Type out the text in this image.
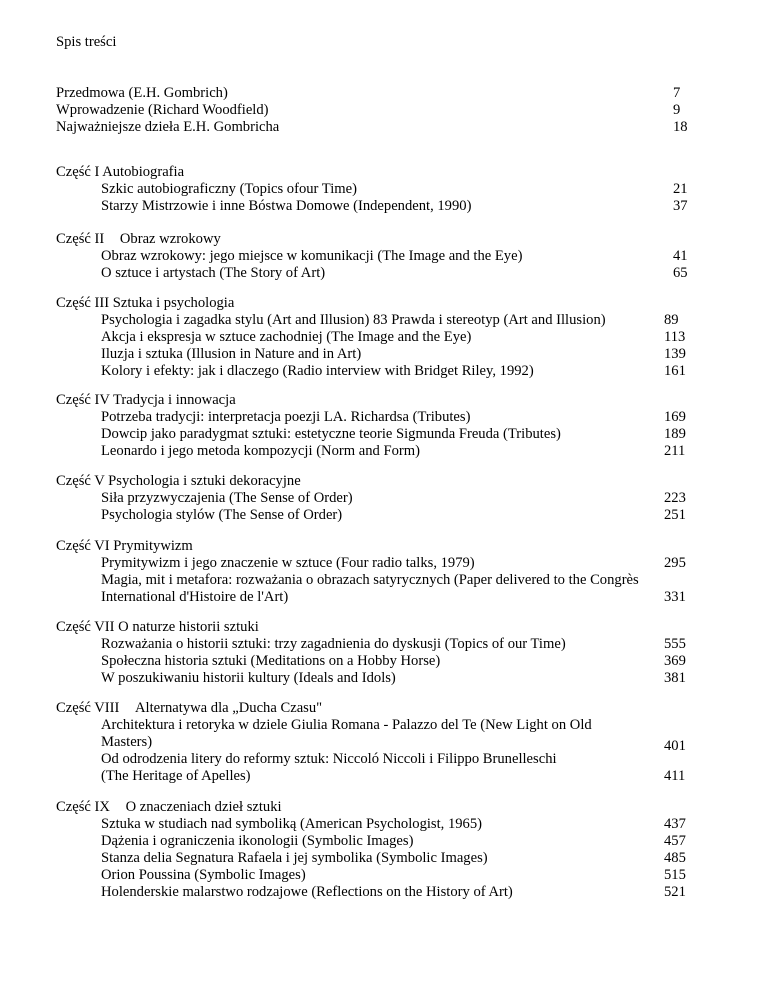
Spis treści
Przedmowa (E.H. Gombrich)	7
Wprowadzenie (Richard Woodfield)	9
Najważniejsze dzieła E.H. Gombricha	18
Część I Autobiografia
Szkic autobiograficzny (Topics ofour Time)	21
Starzy Mistrzowie i inne Bóstwa Domowe (Independent, 1990)	37
Część II Obraz wzrokowy
Obraz wzrokowy: jego miejsce w komunikacji (The Image and the Eye)	41
O sztuce i artystach (The Story of Art)	65
Część III Sztuka i psychologia
Psychologia i zagadka stylu (Art and Illusion) 83 Prawda i stereotyp (Art and Illusion)	89
Akcja i ekspresja w sztuce zachodniej (The Image and the Eye)	113
Iluzja i sztuka (Illusion in Nature and in Art)	139
Kolory i efekty: jak i dlaczego (Radio interview with Bridget Riley, 1992)	161
Część IV Tradycja i innowacja
Potrzeba tradycji: interpretacja poezji LA. Richardsa (Tributes)	169
Dowcip jako paradygmat sztuki: estetyczne teorie Sigmunda Freuda (Tributes)	189
Leonardo i jego metoda kompozycji (Norm and Form)	211
Część V Psychologia i sztuki dekoracyjne
Siła przyzwyczajenia (The Sense of Order)	223
Psychologia stylów (The Sense of Order)	251
Część VI Prymitywizm
Prymitywizm i jego znaczenie w sztuce (Four radio talks, 1979)	295
Magia, mit i metafora: rozważania o obrazach satyrycznych (Paper delivered to the Congrès
International d'Histoire de l'Art)	331
Część VII O naturze historii sztuki
Rozważania o historii sztuki: trzy zagadnienia do dyskusji (Topics of our Time)	555
Społeczna historia sztuki (Meditations on a Hobby Horse)	369
W poszukiwaniu historii kultury (Ideals and Idols)	381
Część VIII Alternatywa dla „Ducha Czasu"
Architektura i retoryka w dziele Giulia Romana - Palazzo del Te (New Light on Old
Masters)	401
Od odrodzenia litery do reformy sztuk: Niccoló Niccoli i Filippo Brunelleschi
(The Heritage of Apelles)	411
Część IX O znaczeniach dzieł sztuki
Sztuka w studiach nad symboliką (American Psychologist, 1965)	437
Dążenia i ograniczenia ikonologii (Symbolic Images)	457
Stanza delia Segnatura Rafaela i jej symbolika (Symbolic Images)	485
Orion Poussina (Symbolic Images)	515
Holenderskie malarstwo rodzajowe (Reflections on the History of Art)	521
